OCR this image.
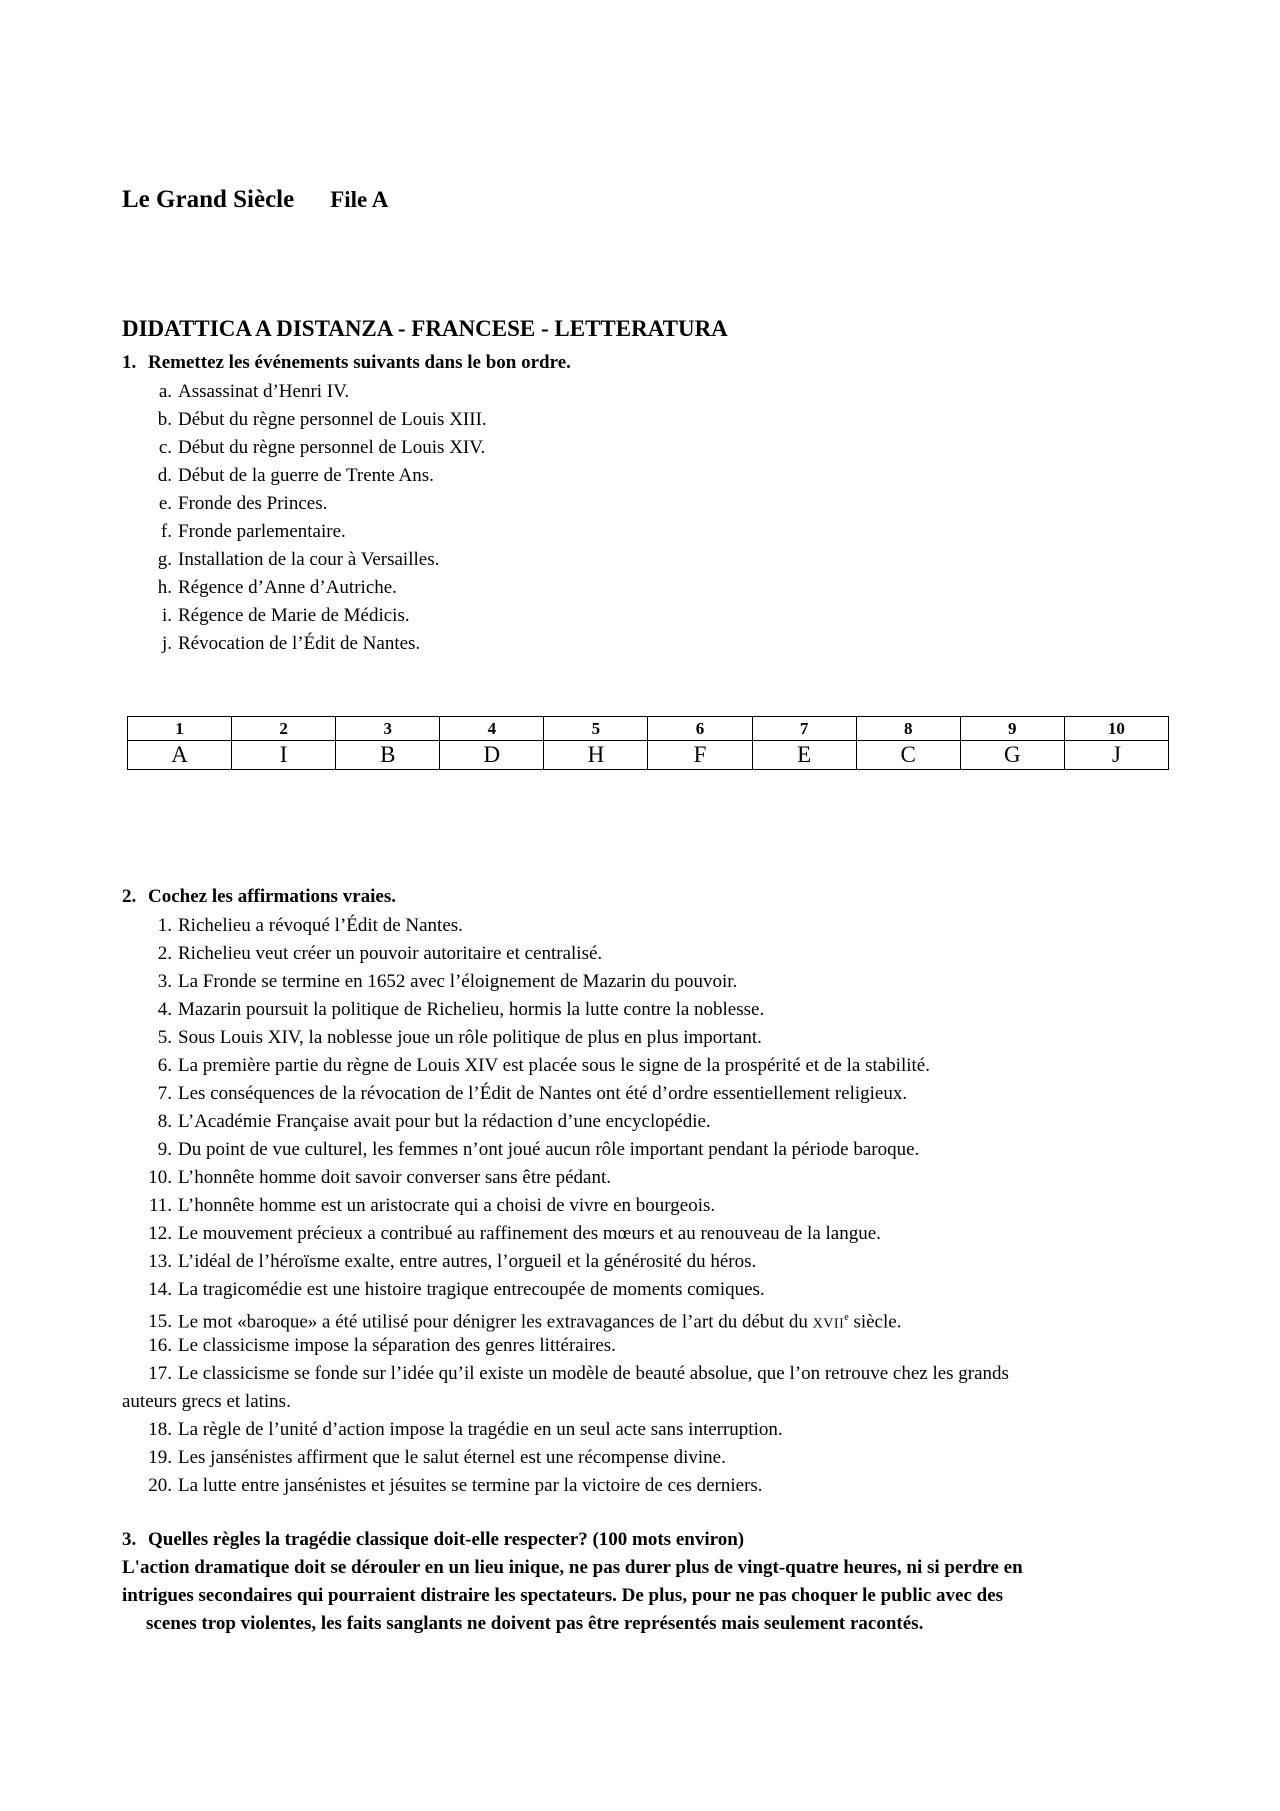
Le Grand Siècle File A
DIDATTICA A DISTANZA - FRANCESE - LETTERATURA
1. Remettez les événements suivants dans le bon ordre.
a. Assassinat d’Henri IV.
b. Début du règne personnel de Louis XIII.
c. Début du règne personnel de Louis XIV.
d. Début de la guerre de Trente Ans.
e. Fronde des Princes.
f. Fronde parlementaire.
g. Installation de la cour à Versailles.
h. Régence d’Anne d’Autriche.
i. Régence de Marie de Médicis.
j. Révocation de l’Édit de Nantes.
1	2	3	4	5	6	7	8	9	10
A	I	B	D	H	F	E	C	G	J
2. Cochez les affirmations vraies.
1. Richelieu a révoqué l’Édit de Nantes.
2. Richelieu veut créer un pouvoir autoritaire et centralisé.
3. La Fronde se termine en 1652 avec l’éloignement de Mazarin du pouvoir.
4. Mazarin poursuit la politique de Richelieu, hormis la lutte contre la noblesse.
5. Sous Louis XIV, la noblesse joue un rôle politique de plus en plus important.
6. La première partie du règne de Louis XIV est placée sous le signe de la prospérité et de la stabilité.
7. Les conséquences de la révocation de l’Édit de Nantes ont été d’ordre essentiellement religieux.
8. L’Académie Française avait pour but la rédaction d’une encyclopédie.
9. Du point de vue culturel, les femmes n’ont joué aucun rôle important pendant la période baroque.
10. L’honnête homme doit savoir converser sans être pédant.
11. L’honnête homme est un aristocrate qui a choisi de vivre en bourgeois.
12. Le mouvement précieux a contribué au raffinement des mœurs et au renouveau de la langue.
13. L’idéal de l’héroïsme exalte, entre autres, l’orgueil et la générosité du héros.
14. La tragicomédie est une histoire tragique entrecoupée de moments comiques.
15. Le mot «baroque» a été utilisé pour dénigrer les extravagances de l’art du début du XVIIe siècle.
16. Le classicisme impose la séparation des genres littéraires.
17. Le classicisme se fonde sur l’idée qu’il existe un modèle de beauté absolue, que l’on retrouve chez les grands
auteurs grecs et latins.
18. La règle de l’unité d’action impose la tragédie en un seul acte sans interruption.
19. Les jansénistes affirment que le salut éternel est une récompense divine.
20. La lutte entre jansénistes et jésuites se termine par la victoire de ces derniers.
3. Quelles règles la tragédie classique doit-elle respecter? (100 mots environ)
L'action dramatique doit se dérouler en un lieu inique, ne pas durer plus de vingt-quatre heures, ni si perdre en
intrigues secondaires qui pourraient distraire les spectateurs. De plus, pour ne pas choquer le public avec des
scenes trop violentes, les faits sanglants ne doivent pas être représentés mais seulement racontés.
